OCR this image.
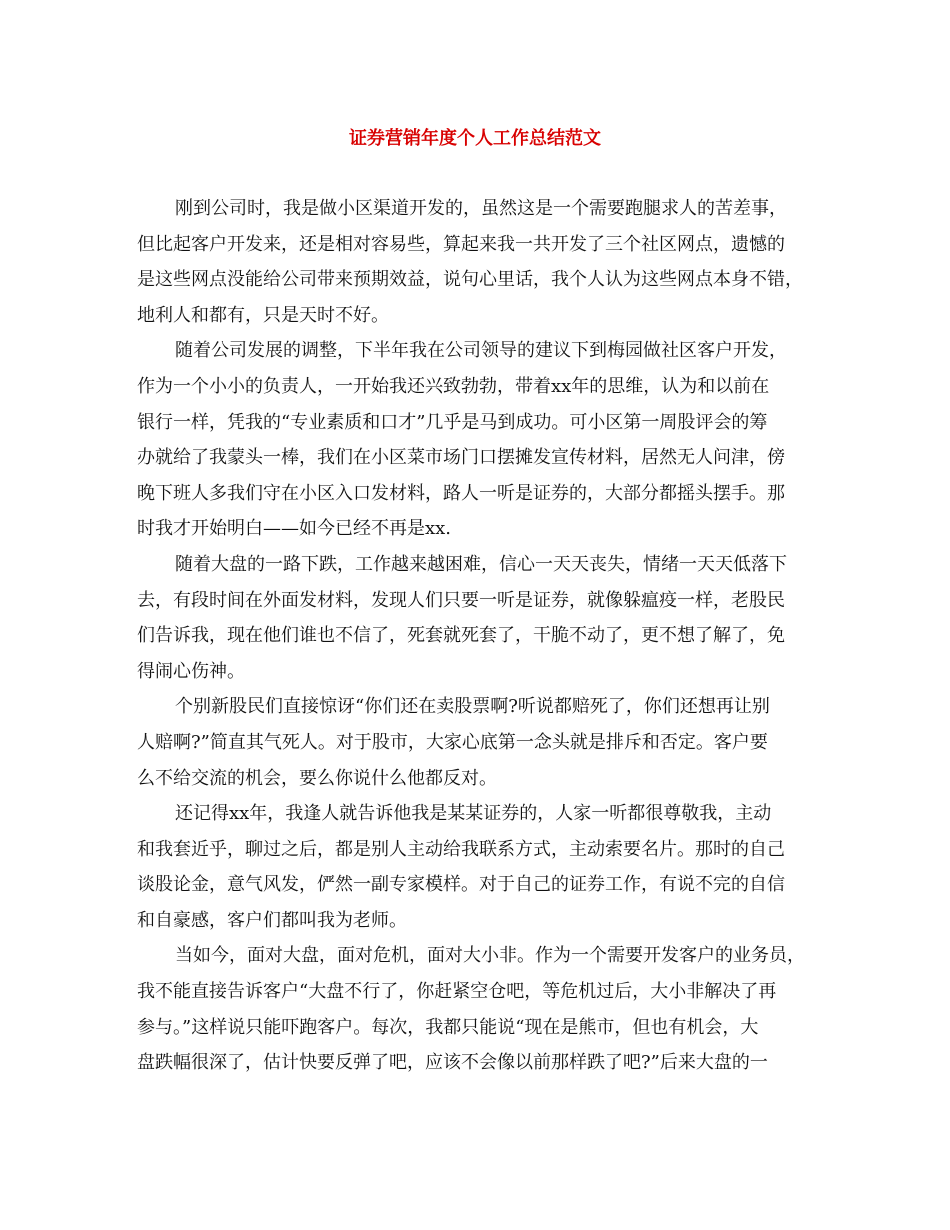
证券营销年度个人工作总结范文
刚到公司时，我是做小区渠道开发的，虽然这是一个需要跑腿求人的苦差事，
但比起客户开发来，还是相对容易些，算起来我一共开发了三个社区网点，遗憾的
是这些网点没能给公司带来预期效益，说句心里话，我个人认为这些网点本身不错，
地利人和都有，只是天时不好。
随着公司发展的调整，下半年我在公司领导的建议下到梅园做社区客户开发，
作为一个小小的负责人，一开始我还兴致勃勃，带着xx年的思维，认为和以前在
银行一样，凭我的“专业素质和口才”几乎是马到成功。可小区第一周股评会的筹
办就给了我蒙头一棒，我们在小区菜市场门口摆摊发宣传材料，居然无人问津，傍
晚下班人多我们守在小区入口发材料，路人一听是证券的，大部分都摇头摆手。那
时我才开始明白——如今已经不再是xx.
随着大盘的一路下跌，工作越来越困难，信心一天天丧失，情绪一天天低落下
去，有段时间在外面发材料，发现人们只要一听是证券，就像躲瘟疫一样，老股民
们告诉我，现在他们谁也不信了，死套就死套了，干脆不动了，更不想了解了，免
得闹心伤神。
个别新股民们直接惊讶“你们还在卖股票啊?听说都赔死了，你们还想再让别
人赔啊?”简直其气死人。对于股市，大家心底第一念头就是排斥和否定。客户要
么不给交流的机会，要么你说什么他都反对。
还记得xx年，我逢人就告诉他我是某某证券的，人家一听都很尊敬我，主动
和我套近乎，聊过之后，都是别人主动给我联系方式，主动索要名片。那时的自己
谈股论金，意气风发，俨然一副专家模样。对于自己的证券工作，有说不完的自信
和自豪感，客户们都叫我为老师。
当如今，面对大盘，面对危机，面对大小非。作为一个需要开发客户的业务员，
我不能直接告诉客户“大盘不行了，你赶紧空仓吧，等危机过后，大小非解决了再
参与。”这样说只能吓跑客户。每次，我都只能说“现在是熊市，但也有机会，大
盘跌幅很深了，估计快要反弹了吧，应该不会像以前那样跌了吧?”后来大盘的一
